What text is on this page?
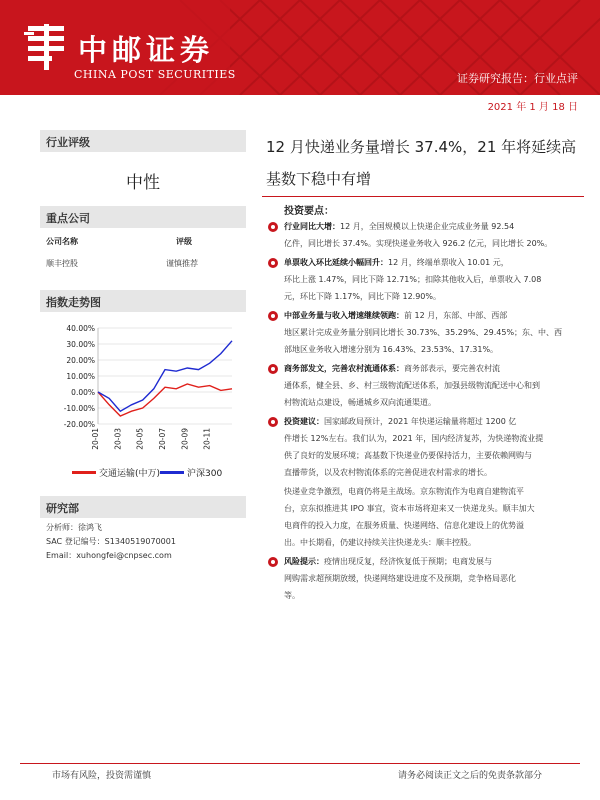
中邮证券
CHINA POST SECURITIES	证券研究报告：行业点评
2021 年 1 月 18 日
行业评级
中性
重点公司
公司名称	评级
顺丰控股	谨慎推荐
指数走势图
40.00%
30.00%
20.00%
10.00%
0.00%
-10.00%
-20.00%
20-01 20-03 20-05 20-07 20-09 20-11
交通运输(中万)	沪深300
研究部
分析师：徐鸿飞
SAC 登记编号：S1340519070001
Email：xuhongfei@cnpsec.com
12 月快递业务量增长 37.4%，21 年将延续高
基数下稳中有增
投资要点：
行业同比大增：12 月，全国规模以上快递企业完成业务量 92.54
亿件，同比增长 37.4%。实现快递业务收入 926.2 亿元，同比增长 20%。
单票收入环比延续小幅回升：12 月，终端单票收入 10.01 元，
环比上涨 1.47%，同比下降 12.71%；扣除其他收入后，单票收入 7.08
元，环比下降 1.17%，同比下降 12.90%。
中部业务量与收入增速继续领跑：前 12 月，东部、中部、西部
地区累计完成业务量分别同比增长 30.73%、35.29%、29.45%；东、中、西
部地区业务收入增速分别为 16.43%、23.53%、17.31%。
商务部发文，完善农村流通体系：商务部表示，要完善农村流
通体系，健全县、乡、村三级物流配送体系，加强县级物流配送中心和到
村物流站点建设，畅通城乡双向流通渠道。
投资建议：国家邮政局预计，2021 年快递运输量将超过 1200 亿
件增长 12%左右。我们认为，2021 年，国内经济复苏，为快递物流业提
供了良好的发展环境；高基数下快递业仍要保持活力，主要依赖网购与
直播带货，以及农村物流体系的完善促进农村需求的增长。
快递业竞争激烈，电商仍将是主战场。京东物流作为电商自建物流平
台，京东拟推进其 IPO 事宜，资本市场将迎来又一快递龙头。顺丰加大
电商件的投入力度，在服务质量、快递网络、信息化建设上的优势溢
出。中长期看，仍建议持续关注快递龙头：顺丰控股。
风险提示：疫情出现反复，经济恢复低于预期；电商发展与
网购需求超预期放缓，快递网络建设进度不及预期，竞争格局恶化
等。
市场有风险，投资需谨慎	请务必阅读正文之后的免责条款部分
